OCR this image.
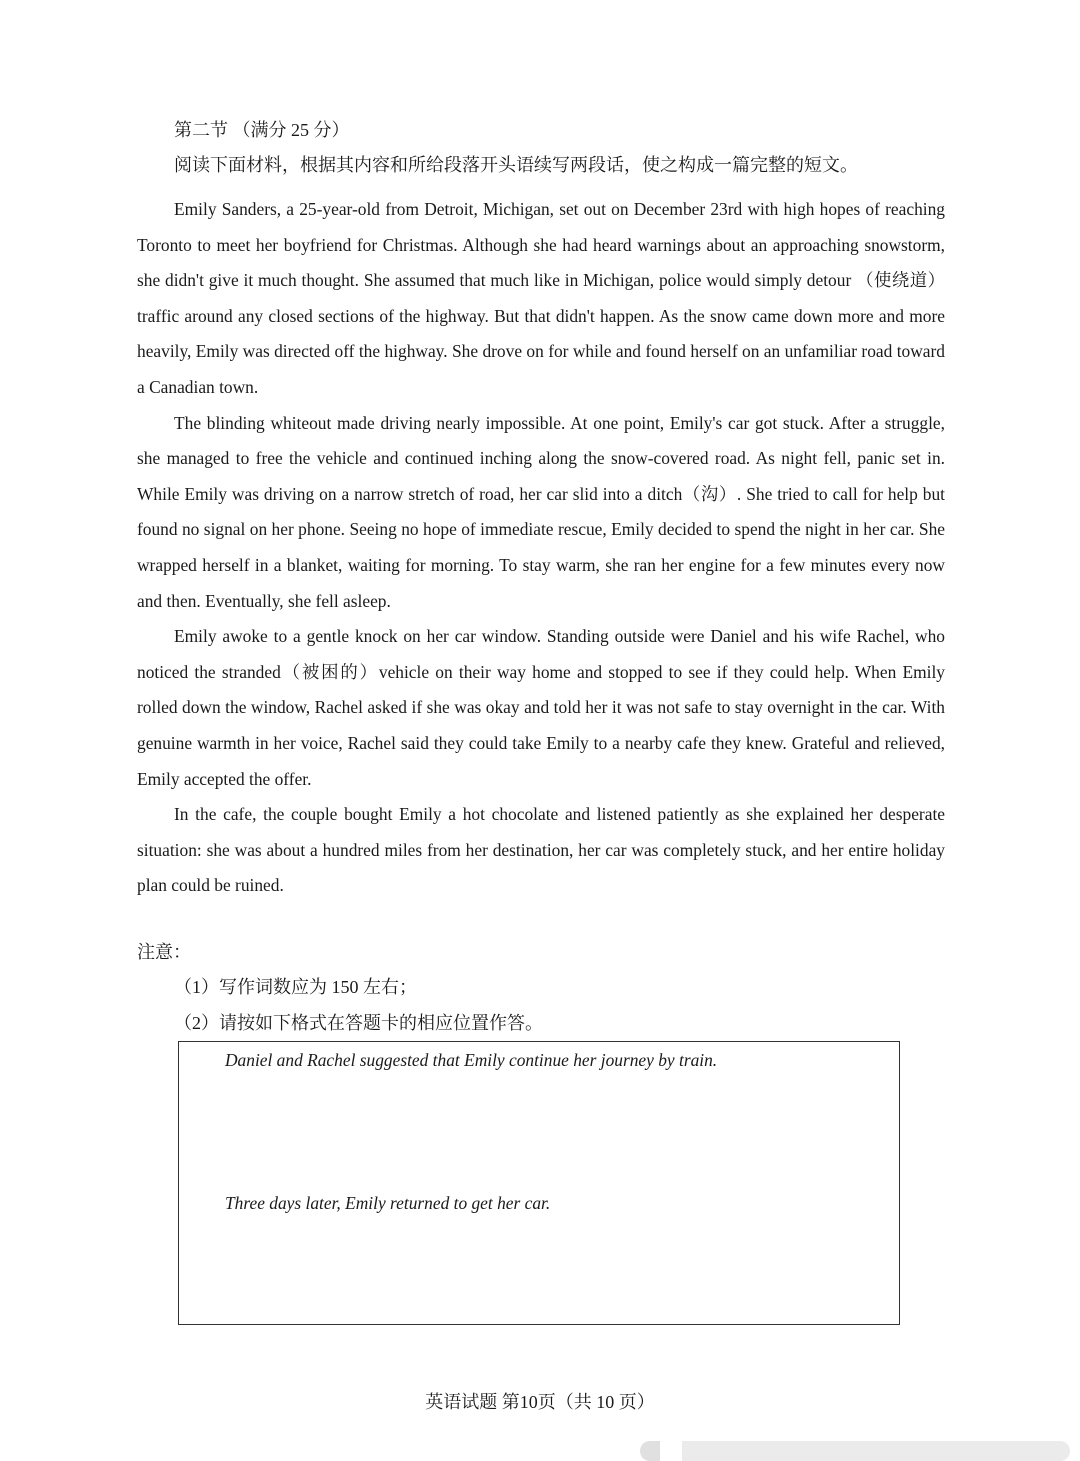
第二节 （满分 25 分）
阅读下面材料，根据其内容和所给段落开头语续写两段话，使之构成一篇完整的短文。

Emily Sanders, a 25-year-old from Detroit, Michigan, set out on December 23rd with high hopes of reaching Toronto to meet her boyfriend for Christmas. Although she had heard warnings about an approaching snowstorm, she didn't give it much thought. She assumed that much like in Michigan, police would simply detour （使绕道） traffic around any closed sections of the highway. But that didn't happen. As the snow came down more and more heavily, Emily was directed off the highway. She drove on for while and found herself on an unfamiliar road toward a Canadian town.

The blinding whiteout made driving nearly impossible. At one point, Emily's car got stuck. After a struggle, she managed to free the vehicle and continued inching along the snow-covered road. As night fell, panic set in. While Emily was driving on a narrow stretch of road, her car slid into a ditch（沟）. She tried to call for help but found no signal on her phone. Seeing no hope of immediate rescue, Emily decided to spend the night in her car. She wrapped herself in a blanket, waiting for morning. To stay warm, she ran her engine for a few minutes every now and then. Eventually, she fell asleep.

Emily awoke to a gentle knock on her car window. Standing outside were Daniel and his wife Rachel, who noticed the stranded（被困的）vehicle on their way home and stopped to see if they could help. When Emily rolled down the window, Rachel asked if she was okay and told her it was not safe to stay overnight in the car. With genuine warmth in her voice, Rachel said they could take Emily to a nearby cafe they knew. Grateful and relieved, Emily accepted the offer.

In the cafe, the couple bought Emily a hot chocolate and listened patiently as she explained her desperate situation: she was about a hundred miles from her destination, her car was completely stuck, and her entire holiday plan could be ruined.

注意：
（1）写作词数应为 150 左右；
（2）请按如下格式在答题卡的相应位置作答。
Daniel and Rachel suggested that Emily continue her journey by train.
Three days later, Emily returned to get her car.
英语试题 第10页（共 10 页）
